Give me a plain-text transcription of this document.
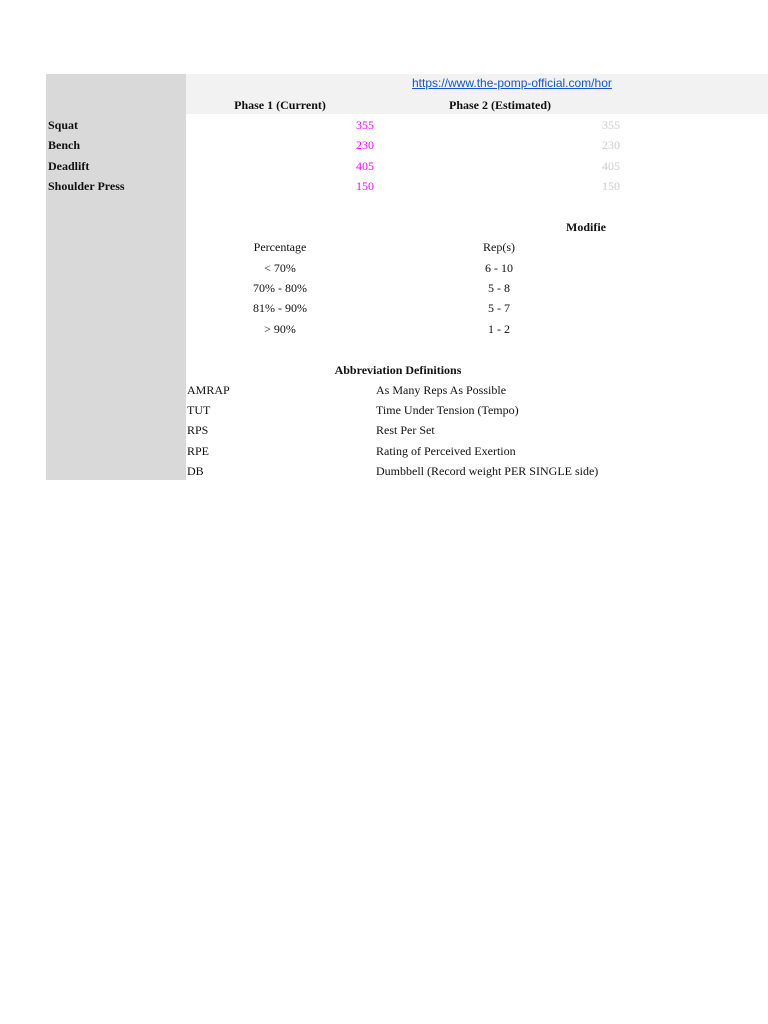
https://www.the-pomp-official.com/hor
Phase 1 (Current)	Phase 2 (Estimated)
Squat	355	355
Bench	230	230
Deadlift	405	405
Shoulder Press	150	150
Modifie
Percentage	Rep(s)
< 70%	6 - 10
70% - 80%	5 - 8
81% - 90%	5 - 7
> 90%	1 - 2
Abbreviation Definitions
AMRAP	As Many Reps As Possible
TUT	Time Under Tension (Tempo)
RPS	Rest Per Set
RPE	Rating of Perceived Exertion
DB	Dumbbell (Record weight PER SINGLE side)
